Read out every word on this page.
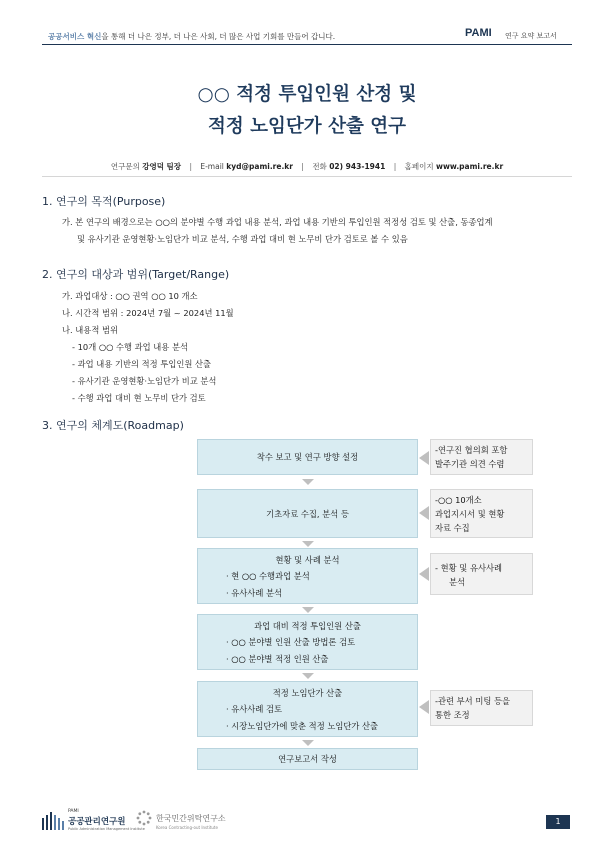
공공서비스 혁신을 통해 더 나은 정부, 더 나은 사회, 더 많은 사업 기회를 만들어 갑니다.	PAMI 연구 요약 보고서
○○ 적정 투입인원 산정 및
적정 노임단가 산출 연구
연구문의 강영덕 팀장 | E-mail kyd@pami.re.kr | 전화 02) 943-1941 | 홈페이지 www.pami.re.kr
1. 연구의 목적(Purpose)
가. 본 연구의 배경으로는 ○○의 분야별 수행 과업 내용 분석, 과업 내용 기반의 투입인원 적정성 검토 및 산출, 동종업계
및 유사기관 운영현황·노임단가 비교 분석, 수행 과업 대비 현 노무비 단가 검토로 볼 수 있음
2. 연구의 대상과 범위(Target/Range)
가. 과업대상 : ○○ 권역 ○○ 10 개소
나. 시간적 범위 : 2024년 7월 ~ 2024년 11월
나. 내용적 범위
- 10개 ○○ 수행 과업 내용 분석
- 과업 내용 기반의 적정 투입인원 산출
- 유사기관 운영현황·노임단가 비교 분석
- 수행 과업 대비 현 노무비 단가 검토
3. 연구의 체계도(Roadmap)
착수 보고 및 연구 방향 설정
기초자료 수집, 분석 등
현황 및 사례 분석
· 현 ○○ 수행과업 분석
· 유사사례 분석
과업 대비 적정 투입인원 산출
· ○○ 분야별 인원 산출 방법론 검토
· ○○ 분야별 적정 인원 산출
적정 노임단가 산출
· 유사사례 검토
· 시장노임단가에 맞춘 적정 노임단가 산출
연구보고서 작성
-연구진 협의회 포함
발주기관 의견 수렴
-○○ 10개소
과업지시서 및 현황
자료 수집
- 현황 및 유사사례
분석
-관련 부서 미팅 등을
통한 조정
PAMI
공공관리연구원
Public Administration Management Institute
한국민간위탁연구소
Korea Contracting-out Institute
1
